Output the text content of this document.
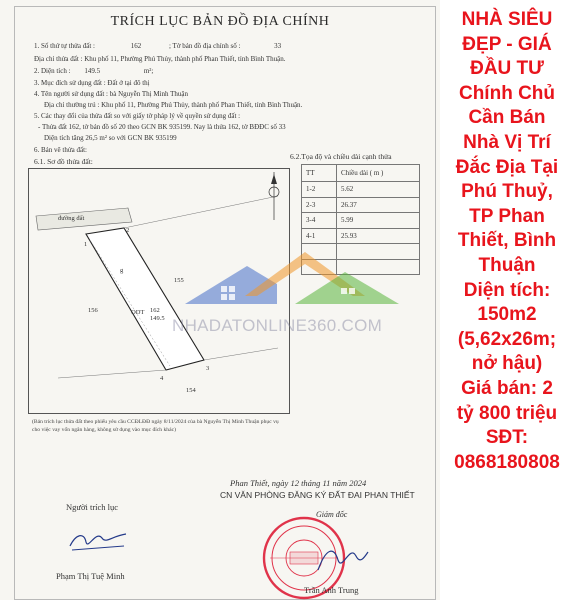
TRÍCH LỤC BẢN ĐỒ ĐỊA CHÍNH
1. Số thứ tự thửa đất :	162	; Tờ bản đồ địa chính số :	33
Địa chỉ thửa đất : Khu phố 11, Phường Phú Thủy, thành phố Phan Thiết, tỉnh Bình Thuận.
2. Diện tích : 149.5	m²;
3. Mục đích sử dụng đất : Đất ở tại đô thị
4. Tên người sử dụng đất : bà Nguyễn Thị Minh Thuận
Địa chỉ thường trú : Khu phố 11, Phường Phú Thủy, thành phố Phan Thiết, tỉnh Bình Thuận.
5. Các thay đổi của thửa đất so với giấy tờ pháp lý về quyền sử dụng đất :
- Thửa đất 162, tờ bản đồ số 20 theo GCN BK 935199. Nay là thửa 162, tờ BĐĐC số 33
Diện tích tăng 26,5 m² so với GCN BK 935199
6. Bản vẽ thửa đất:
6.1. Sơ đồ thửa đất:
6.2.Tọa độ và chiều dài cạnh thửa
đường đất
1
2
3
4
g
ODT 162
149.5
155
156
154
TT	Chiều dài ( m )
1-2	5.62
2-3	26.37
3-4	5.99
4-1	25.93

NHADATONLINE360.COM
(Bản trích lục thửa đất theo phiếu yêu cầu CCĐLĐĐ ngày 8/11/2024 của bà Nguyễn Thị Minh Thuận phục vụ cho việc vay vốn ngân hàng, không sử dụng vào mục đích khác)
Phan Thiết, ngày 12 tháng 11 năm 2024
CN VĂN PHÒNG ĐĂNG KÝ ĐẤT ĐAI PHAN THIẾT
Giám đốc
Người trích lục
Phạm Thị Tuệ Minh
Trần Anh Trung
NHÀ SIÊU
ĐẸP - GIÁ
ĐẦU TƯ
Chính Chủ
Cần Bán
Nhà Vị Trí
Đắc Địa Tại
Phú Thuỷ,
TP Phan
Thiết, Bình
Thuận
Diện tích:
150m2
(5,62x26m;
nở hậu)
Giá bán: 2
tỷ 800 triệu
SĐT:
0868180808
